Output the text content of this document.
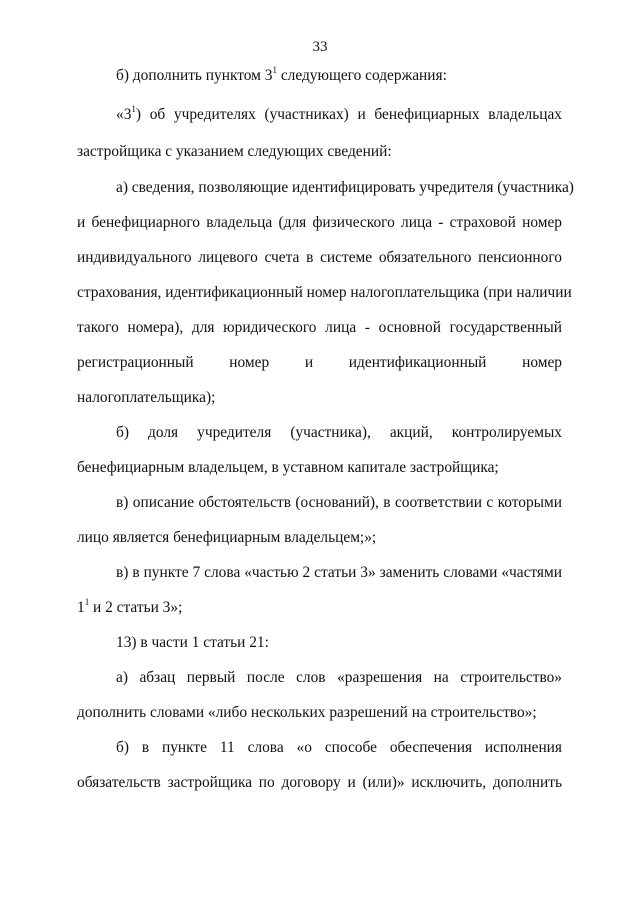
33
б) дополнить пунктом $3^1$ следующего содержания:
«$3^1$) об учредителях (участниках) и бенефициарных владельцах
застройщика с указанием следующих сведений:
а) сведения, позволяющие идентифицировать учредителя (участника)
и бенефициарного владельца (для физического лица - страховой номер
индивидуального лицевого счета в системе обязательного пенсионного
страхования, идентификационный номер налогоплательщика (при наличии
такого номера), для юридического лица - основной государственный
регистрационный номер и идентификационный номер
налогоплательщика);
б) доля учредителя (участника), акций, контролируемых
бенефициарным владельцем, в уставном капитале застройщика;
в) описание обстоятельств (оснований), в соответствии с которыми
лицо является бенефициарным владельцем;»;
в) в пункте 7 слова «частью 2 статьи 3» заменить словами «частями
$1^1$ и 2 статьи 3»;
13) в части 1 статьи 21:
а) абзац первый после слов «разрешения на строительство»
дополнить словами «либо нескольких разрешений на строительство»;
б) в пункте 11 слова «о способе обеспечения исполнения
обязательств застройщика по договору и (или)» исключить, дополнить
